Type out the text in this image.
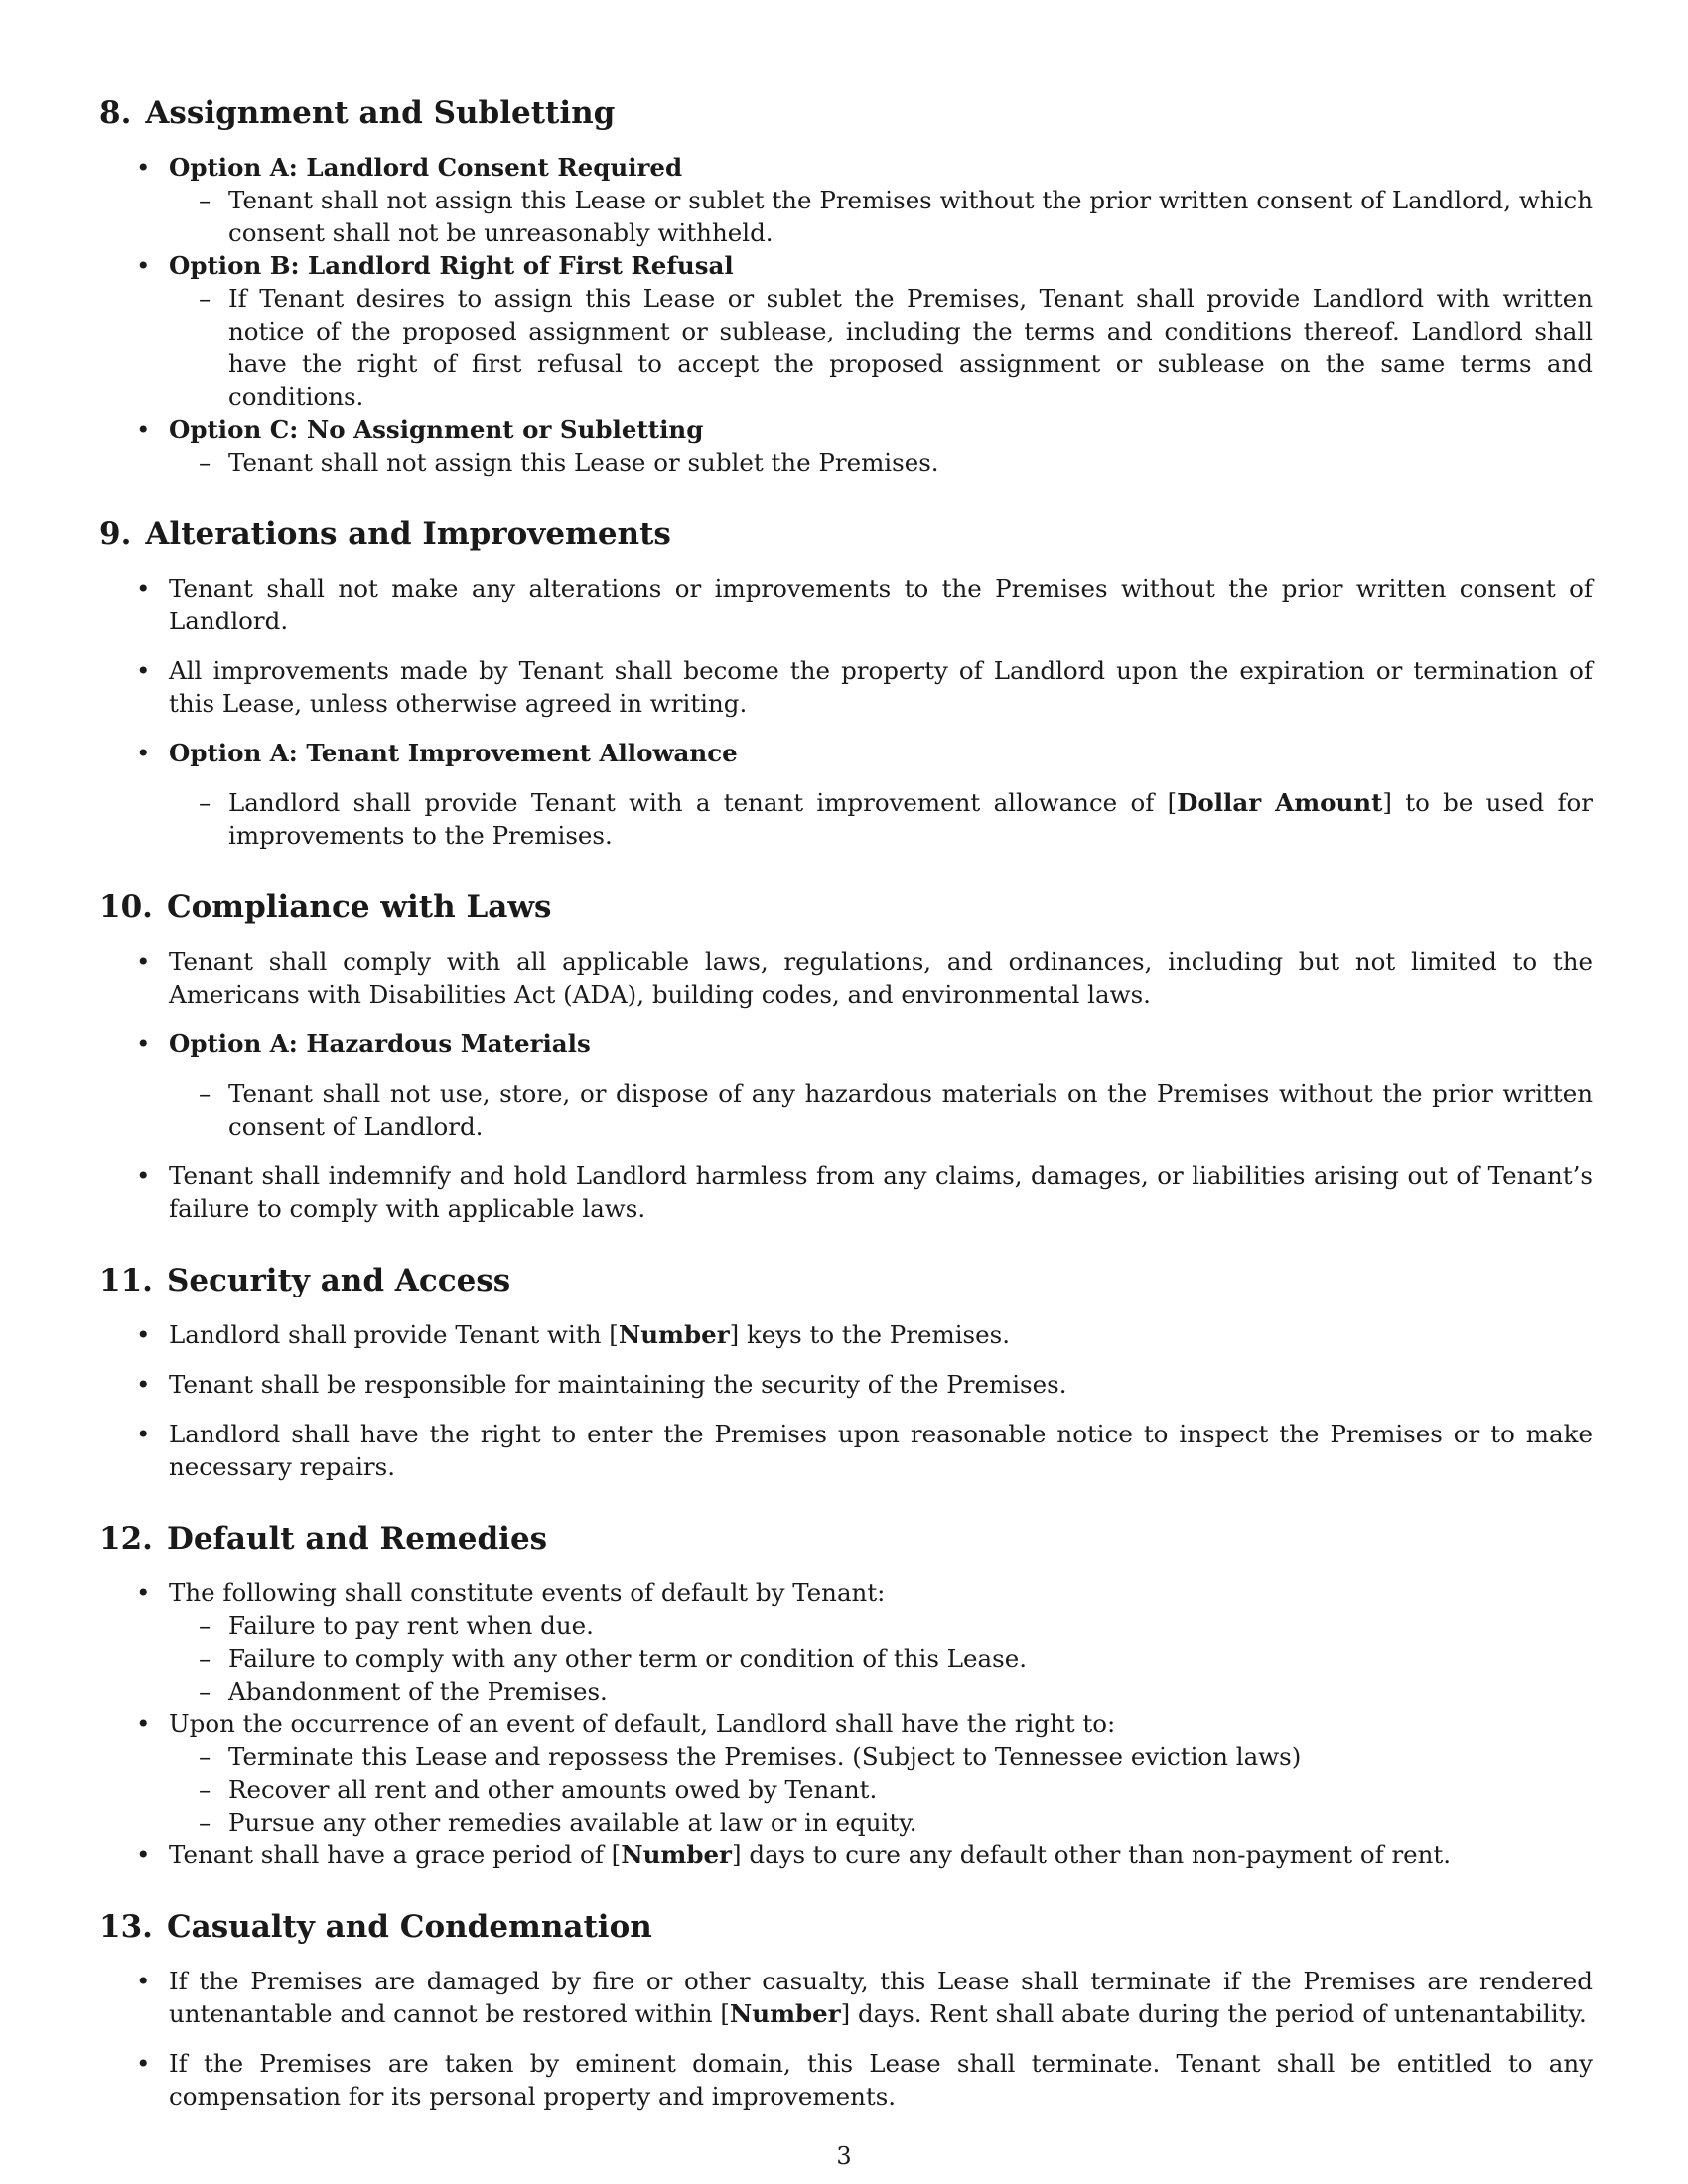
8. Assignment and Subletting
• Option A: Landlord Consent Required
– Tenant shall not assign this Lease or sublet the Premises without the prior written consent of Landlord, which consent shall not be unreasonably withheld.
• Option B: Landlord Right of First Refusal
– If Tenant desires to assign this Lease or sublet the Premises, Tenant shall provide Landlord with written notice of the proposed assignment or sublease, including the terms and conditions thereof. Landlord shall have the right of first refusal to accept the proposed assignment or sublease on the same terms and conditions.
• Option C: No Assignment or Subletting
– Tenant shall not assign this Lease or sublet the Premises.
9. Alterations and Improvements
• Tenant shall not make any alterations or improvements to the Premises without the prior written consent of Landlord.
• All improvements made by Tenant shall become the property of Landlord upon the expiration or termination of this Lease, unless otherwise agreed in writing.
• Option A: Tenant Improvement Allowance
– Landlord shall provide Tenant with a tenant improvement allowance of [Dollar Amount] to be used for improvements to the Premises.
10. Compliance with Laws
• Tenant shall comply with all applicable laws, regulations, and ordinances, including but not limited to the Americans with Disabilities Act (ADA), building codes, and environmental laws.
• Option A: Hazardous Materials
– Tenant shall not use, store, or dispose of any hazardous materials on the Premises without the prior written consent of Landlord.
• Tenant shall indemnify and hold Landlord harmless from any claims, damages, or liabilities arising out of Tenant’s failure to comply with applicable laws.
11. Security and Access
• Landlord shall provide Tenant with [Number] keys to the Premises.
• Tenant shall be responsible for maintaining the security of the Premises.
• Landlord shall have the right to enter the Premises upon reasonable notice to inspect the Premises or to make necessary repairs.
12. Default and Remedies
• The following shall constitute events of default by Tenant:
– Failure to pay rent when due.
– Failure to comply with any other term or condition of this Lease.
– Abandonment of the Premises.
• Upon the occurrence of an event of default, Landlord shall have the right to:
– Terminate this Lease and repossess the Premises. (Subject to Tennessee eviction laws)
– Recover all rent and other amounts owed by Tenant.
– Pursue any other remedies available at law or in equity.
• Tenant shall have a grace period of [Number] days to cure any default other than non-payment of rent.
13. Casualty and Condemnation
• If the Premises are damaged by fire or other casualty, this Lease shall terminate if the Premises are rendered untenantable and cannot be restored within [Number] days. Rent shall abate during the period of untenantability.
• If the Premises are taken by eminent domain, this Lease shall terminate. Tenant shall be entitled to any compensation for its personal property and improvements.
3
